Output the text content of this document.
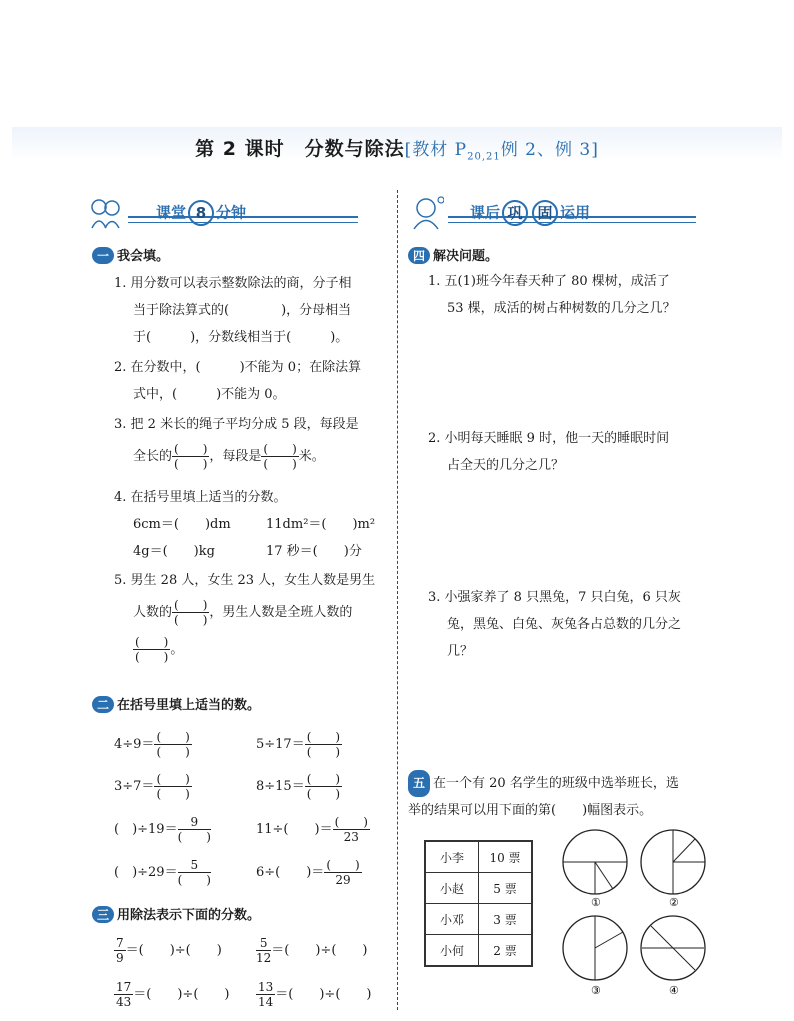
第 2 课时　分数与除法[教材 $P_{20,21}$例 2、例 3]
课堂 8 分钟	课后 巩 固 运用
一 我会填。
1. 用分数可以表示整数除法的商，分子相
当于除法算式的(　　　　)，分母相当
于(　　　)，分数线相当于(　　　)。
2. 在分数中，(　　　)不能为 0；在除法算
式中，(　　　)不能为 0。
3. 把 2 米长的绳子平均分成 5 段，每段是
全长的 $\frac{( )}{( )}$ ，每段是 $\frac{( )}{( )}$ 米。
4. 在括号里填上适当的分数。
6cm＝(　　)dm	11dm²＝(　　)m²
4g＝(　　)kg	17 秒＝(　　)分
5. 男生 28 人，女生 23 人，女生人数是男生
人数的 $\frac{( )}{( )}$ ，男生人数是全班人数的
$\frac{( )}{( )}$ 。
二 在括号里填上适当的数。
$4\div 9= \frac{( )}{( )}$	$5\div 17= \frac{( )}{( )}$
$3\div 7= \frac{( )}{( )}$	$8\div 15= \frac{( )}{( )}$
(　)$\div 19= \frac{9}{( )}$	11÷(　　)＝ $\frac{( )}{23}$
(　)$\div 29= \frac{5}{( )}$	6÷(　　)＝ $\frac{( )}{29}$
三 用除法表示下面的分数。
$\frac{7}{9}$ ＝(　　)÷(　　)	$\frac{5}{12}$ ＝(　　)÷(　　)
$\frac{17}{43}$ ＝(　　)÷(　　) $\frac{13}{14}$ ＝(　　)÷(　　)
四 解决问题。
1. 五(1)班今年春天种了 80 棵树，成活了
53 棵，成活的树占种树数的几分之几？
2. 小明每天睡眠 9 时，他一天的睡眠时间
占全天的几分之几？
3. 小强家养了 8 只黑兔，7 只白兔，6 只灰
兔，黑兔、白兔、灰兔各占总数的几分之
几？
五 在一个有 20 名学生的班级中选举班长，选
举的结果可以用下面的第(　　)幅图表示。
小李	10 票
小赵	5 票
小邓	3 票
小何	2 票
①	②
③	④
